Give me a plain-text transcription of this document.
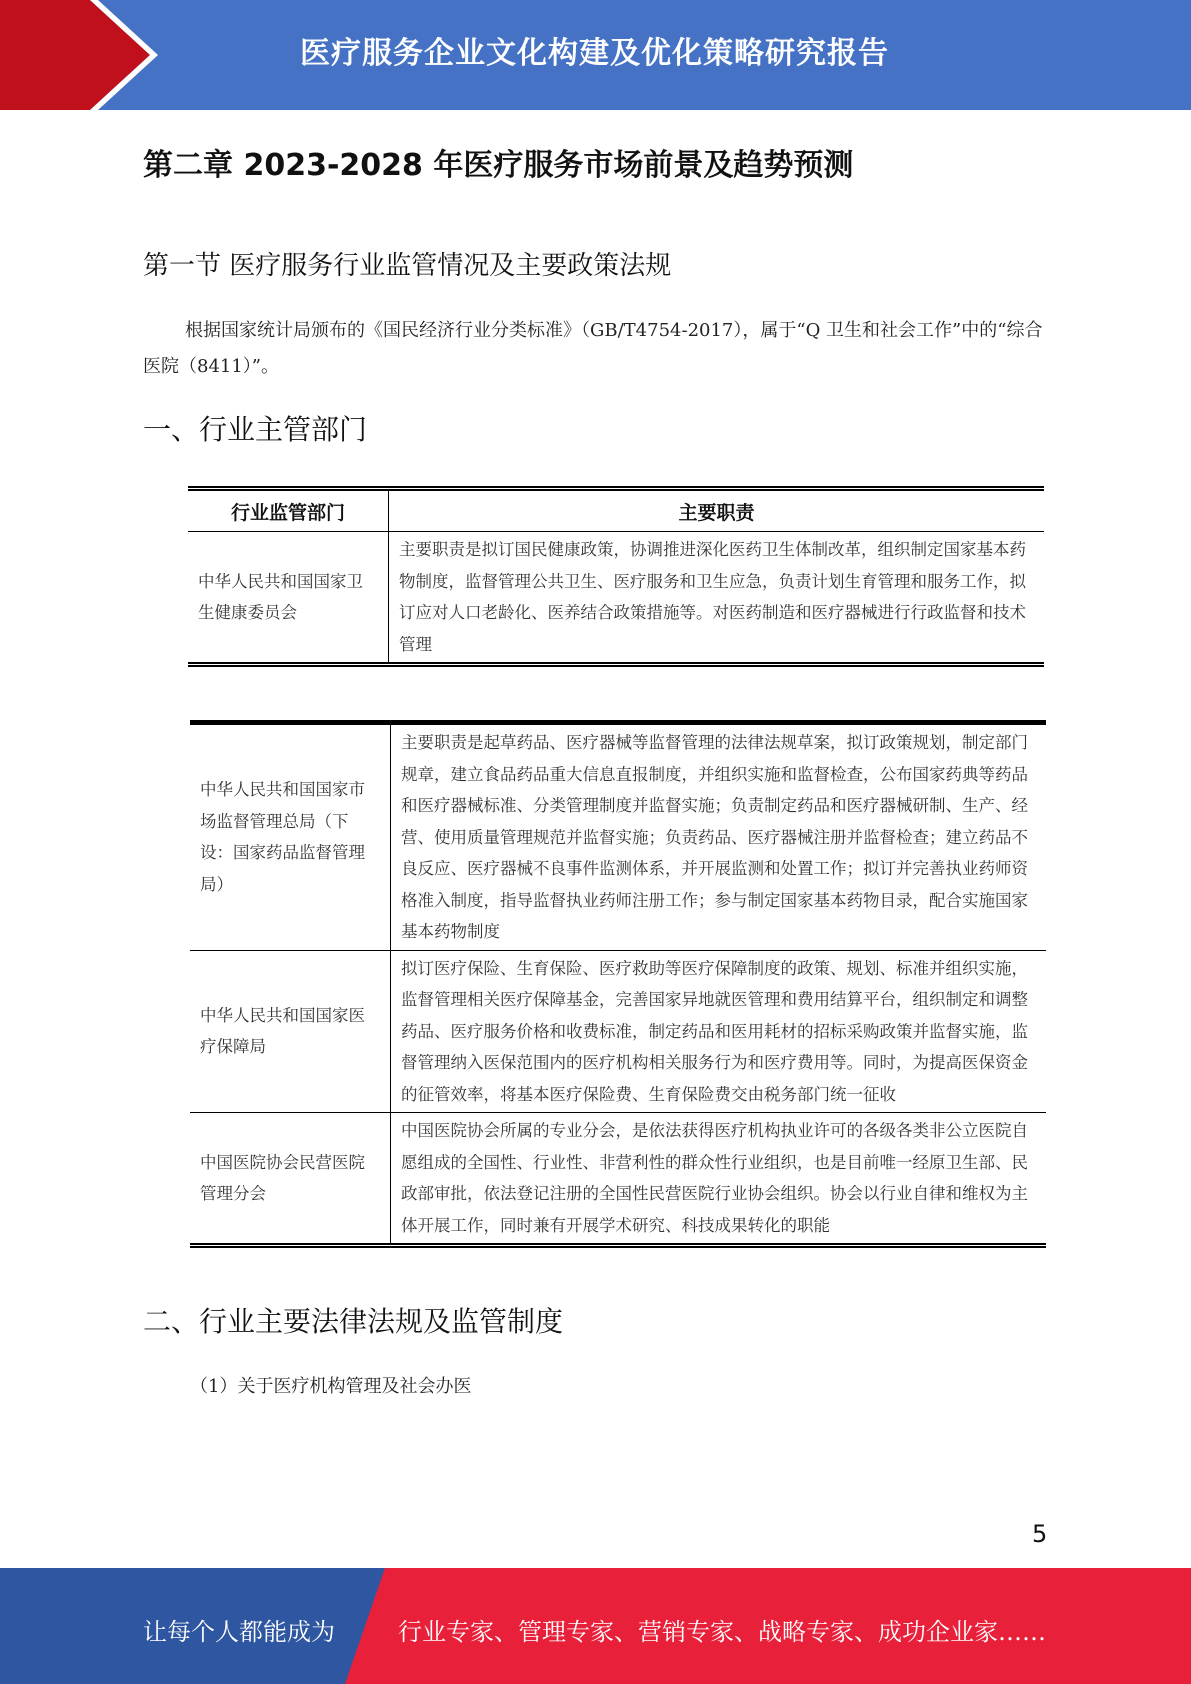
医疗服务企业文化构建及优化策略研究报告
第二章 2023-2028 年医疗服务市场前景及趋势预测
第一节 医疗服务行业监管情况及主要政策法规
根据国家统计局颁布的《国民经济行业分类标准》（GB/T4754-2017），属于“Q 卫生和社会工作”中的“综合医院（8411）”。
一、行业主管部门
行业监管部门	主要职责
中华人民共和国国家卫生健康委员会	主要职责是拟订国民健康政策，协调推进深化医药卫生体制改革，组织制定国家基本药物制度，监督管理公共卫生、医疗服务和卫生应急，负责计划生育管理和服务工作，拟订应对人口老龄化、医养结合政策措施等。对医药制造和医疗器械进行行政监督和技术管理
中华人民共和国国家市场监督管理总局（下设：国家药品监督管理局）	主要职责是起草药品、医疗器械等监督管理的法律法规草案，拟订政策规划，制定部门规章，建立食品药品重大信息直报制度，并组织实施和监督检查，公布国家药典等药品和医疗器械标准、分类管理制度并监督实施；负责制定药品和医疗器械研制、生产、经营、使用质量管理规范并监督实施；负责药品、医疗器械注册并监督检查；建立药品不良反应、医疗器械不良事件监测体系，并开展监测和处置工作；拟订并完善执业药师资格准入制度，指导监督执业药师注册工作；参与制定国家基本药物目录，配合实施国家基本药物制度
中华人民共和国国家医疗保障局	拟订医疗保险、生育保险、医疗救助等医疗保障制度的政策、规划、标准并组织实施，监督管理相关医疗保障基金，完善国家异地就医管理和费用结算平台，组织制定和调整药品、医疗服务价格和收费标准，制定药品和医用耗材的招标采购政策并监督实施，监督管理纳入医保范围内的医疗机构相关服务行为和医疗费用等。同时，为提高医保资金的征管效率，将基本医疗保险费、生育保险费交由税务部门统一征收
中国医院协会民营医院管理分会	中国医院协会所属的专业分会，是依法获得医疗机构执业许可的各级各类非公立医院自愿组成的全国性、行业性、非营利性的群众性行业组织，也是目前唯一经原卫生部、民政部审批，依法登记注册的全国性民营医院行业协会组织。协会以行业自律和维权为主体开展工作，同时兼有开展学术研究、科技成果转化的职能
二、行业主要法律法规及监管制度
（1）关于医疗机构管理及社会办医
5
让每个人都能成为	行业专家、管理专家、营销专家、战略专家、成功企业家……
